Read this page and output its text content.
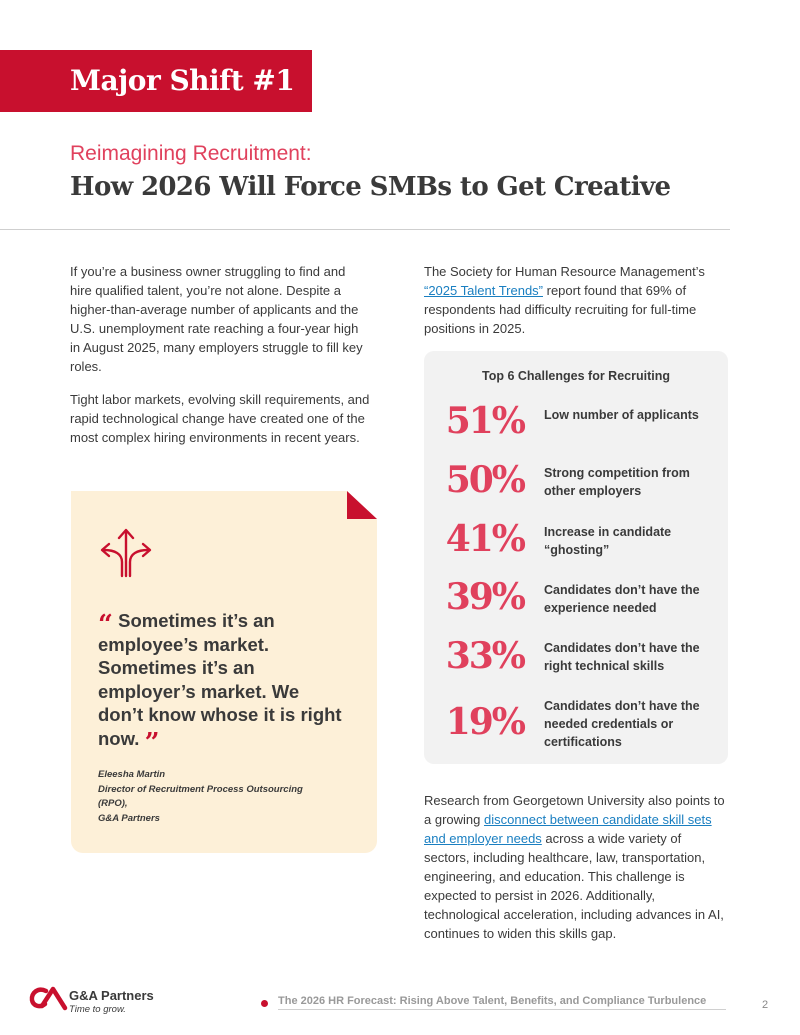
Major Shift #1
Reimagining Recruitment:
How 2026 Will Force SMBs to Get Creative

If you’re a business owner struggling to find and hire qualified talent, you’re not alone. Despite a higher-than-average number of applicants and the U.S. unemployment rate reaching a four-year high in August 2025, many employers struggle to fill key roles.

Tight labor markets, evolving skill requirements, and rapid technological change have created one of the most complex hiring environments in recent years.

“ Sometimes it’s an employee’s market. Sometimes it’s an employer’s market. We don’t know whose it is right now. ”
Eleesha Martin
Director of Recruitment Process Outsourcing (RPO),
G&A Partners

The Society for Human Resource Management’s “2025 Talent Trends” report found that 69% of respondents had difficulty recruiting for full-time positions in 2025.

Top 6 Challenges for Recruiting
51% Low number of applicants
50% Strong competition from other employers
41% Increase in candidate “ghosting”
39% Candidates don’t have the experience needed
33% Candidates don’t have the right technical skills
19% Candidates don’t have the needed credentials or certifications

Research from Georgetown University also points to a growing disconnect between candidate skill sets and employer needs across a wide variety of sectors, including healthcare, law, transportation, engineering, and education. This challenge is expected to persist in 2026. Additionally, technological acceleration, including advances in AI, continues to widen this skills gap.

G&A Partners
Time to grow.
The 2026 HR Forecast: Rising Above Talent, Benefits, and Compliance Turbulence	2
